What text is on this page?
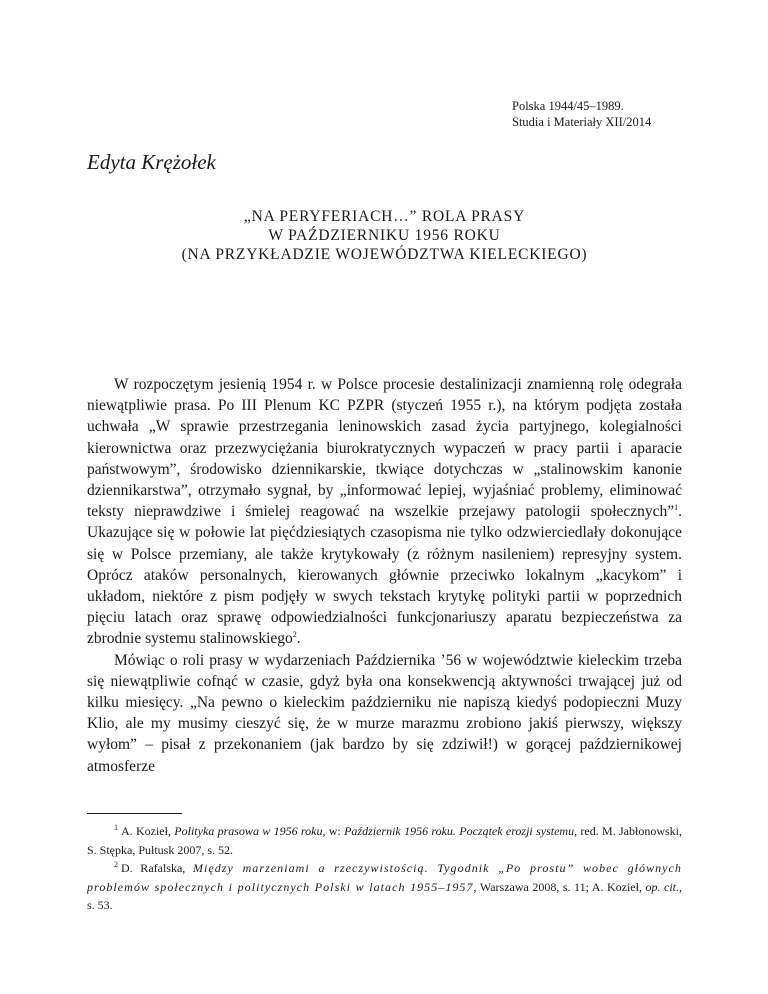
Polska 1944/45–1989.
Studia i Materiały XII/2014
Edyta Krężołek
„NA PERYFERIACH…” ROLA PRASY
W PAŹDZIERNIKU 1956 ROKU
(NA PRZYKŁADZIE WOJEWÓDZTWA KIELECKIEGO)

W rozpoczętym jesienią 1954 r. w Polsce procesie destalinizacji znamienną rolę odegrała niewątpliwie prasa. Po III Plenum KC PZPR (styczeń 1955 r.), na którym podjęta została uchwała „W sprawie przestrzegania leninowskich zasad życia partyjnego, kolegialności kierownictwa oraz przezwyciężania biurokratycznych wypaczeń w pracy partii i aparacie państwowym”, środowisko dziennikarskie, tkwiące dotychczas w „stalinowskim kanonie dziennikarstwa”, otrzymało sygnał, by „informować lepiej, wyjaśniać problemy, eliminować teksty nieprawdziwe i śmielej reagować na wszelkie przejawy patologii społecznych”$^1$. Ukazujące się w połowie lat pięćdziesiątych czasopisma nie tylko odzwierciedlały dokonujące się w Polsce przemiany, ale także krytykowały (z różnym nasileniem) represyjny system. Oprócz ataków personalnych, kierowanych głównie przeciwko lokalnym „kacykom” i układom, niektóre z pism podjęły w swych tekstach krytykę polityki partii w poprzednich pięciu latach oraz sprawę odpowiedzialności funkcjonariuszy aparatu bezpieczeństwa za zbrodnie systemu stalinowskiego$^2$.

Mówiąc o roli prasy w wydarzeniach Października ’56 w województwie kieleckim trzeba się niewątpliwie cofnąć w czasie, gdyż była ona konsekwencją aktywności trwającej już od kilku miesięcy. „Na pewno o kieleckim październiku nie napiszą kiedyś podopieczni Muzy Klio, ale my musimy cieszyć się, że w murze marazmu zrobiono jakiś pierwszy, większy wyłom” – pisał z przekonaniem (jak bardzo by się zdziwił!) w gorącej październikowej atmosferze

$^1$ A. Kozieł, Polityka prasowa w 1956 roku, w: Październik 1956 roku. Początek erozji systemu, red. M. Jabłonowski, S. Stępka, Pułtusk 2007, s. 52.

$^2$ D. Rafalska, Między marzeniami a rzeczywistością. Tygodnik „Po prostu” wobec głównych problemów społecznych i politycznych Polski w latach 1955–1957, Warszawa 2008, s. 11; A. Kozieł, op. cit., s. 53.
